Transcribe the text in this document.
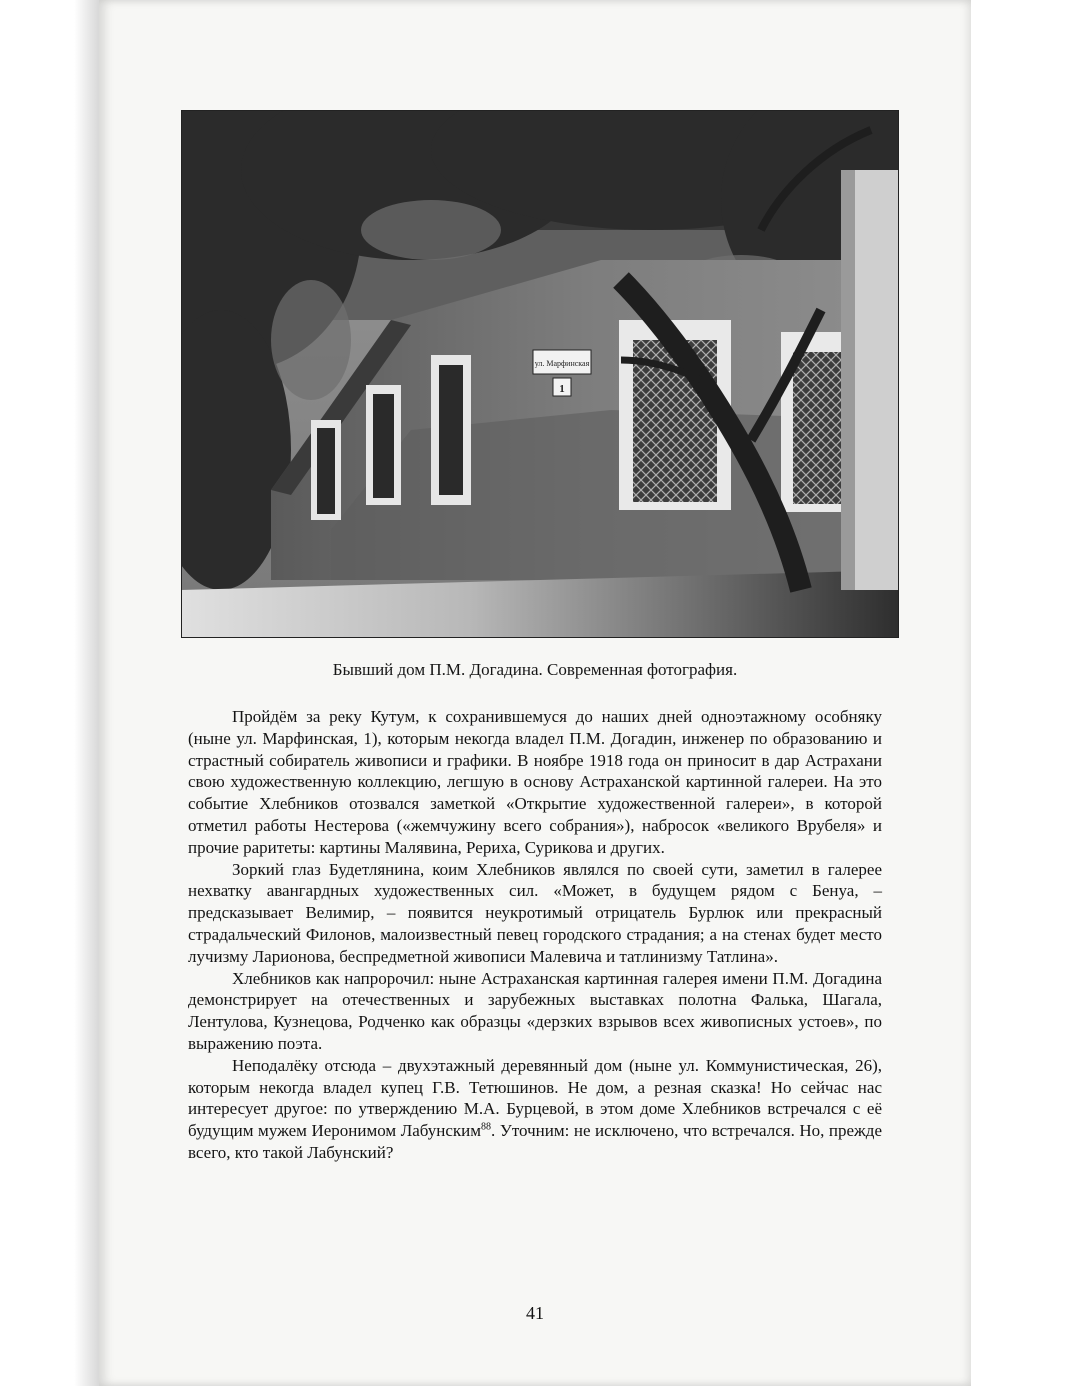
ул. Марфинская
1
Бывший дом П.М. Догадина. Современная фотография.

Пройдём за реку Кутум, к сохранившемуся до наших дней одноэтажному особняку (ныне ул. Марфинская, 1), которым некогда владел П.М. Догадин, инженер по образованию и страстный собиратель живописи и графики. В ноябре 1918 года он приносит в дар Астрахани свою художественную коллекцию, легшую в основу Астраханской картинной галереи. На это событие Хлебников отозвался заметкой «Открытие художественной галереи», в которой отметил работы Нестерова («жемчужину всего собрания»), набросок «великого Врубеля» и прочие раритеты: картины Малявина, Рериха, Сурикова и других.

Зоркий глаз Будетлянина, коим Хлебников являлся по своей сути, заметил в галерее нехватку авангардных художественных сил. «Может, в будущем рядом с Бенуа, – предсказывает Велимир, – появится неукротимый отрицатель Бурлюк или прекрасный страдальческий Филонов, малоизвестный певец городского страдания; а на стенах будет место лучизму Ларионова, беспредметной живописи Малевича и татлинизму Татлина».

Хлебников как напророчил: ныне Астраханская картинная галерея имени П.М. Догадина демонстрирует на отечественных и зарубежных выставках полотна Фалька, Шагала, Лентулова, Кузнецова, Родченко как образцы «дерзких взрывов всех живописных устоев», по выражению поэта.

Неподалёку отсюда – двухэтажный деревянный дом (ныне ул. Коммунистическая, 26), которым некогда владел купец Г.В. Тетюшинов. Не дом, а резная сказка! Но сейчас нас интересует другое: по утверждению М.А. Бурцевой, в этом доме Хлебников встречался с её будущим мужем Иеронимом Лабунским$^{88}$. Уточним: не исключено, что встречался. Но, прежде всего, кто такой Лабунский?

41
